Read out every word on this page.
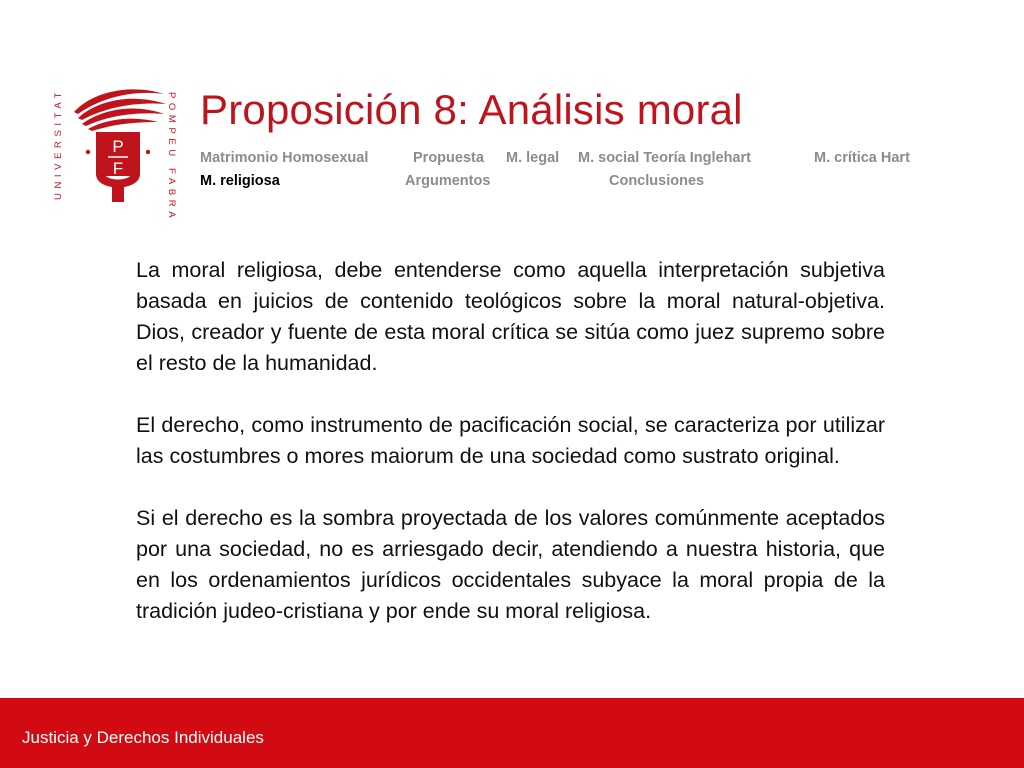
UNIVERSITAT	P
F	POMPEU FABRA Proposición 8: Análisis moral
Matrimonio Homosexual	Propuesta M. legal M. social Teoría Inglehart	M. crítica Hart
M. religiosa	Argumentos	Conclusiones

La moral religiosa, debe entenderse como aquella interpretación subjetiva basada en juicios de contenido teológicos sobre la moral natural-objetiva. Dios, creador y fuente de esta moral crítica se sitúa como juez supremo sobre el resto de la humanidad.

El derecho, como instrumento de pacificación social, se caracteriza por utilizar las costumbres o mores maiorum de una sociedad como sustrato original.

Si el derecho es la sombra proyectada de los valores comúnmente aceptados por una sociedad, no es arriesgado decir, atendiendo a nuestra historia, que en los ordenamientos jurídicos occidentales subyace la moral propia de la tradición judeo-cristiana y por ende su moral religiosa.

Justicia y Derechos Individuales
